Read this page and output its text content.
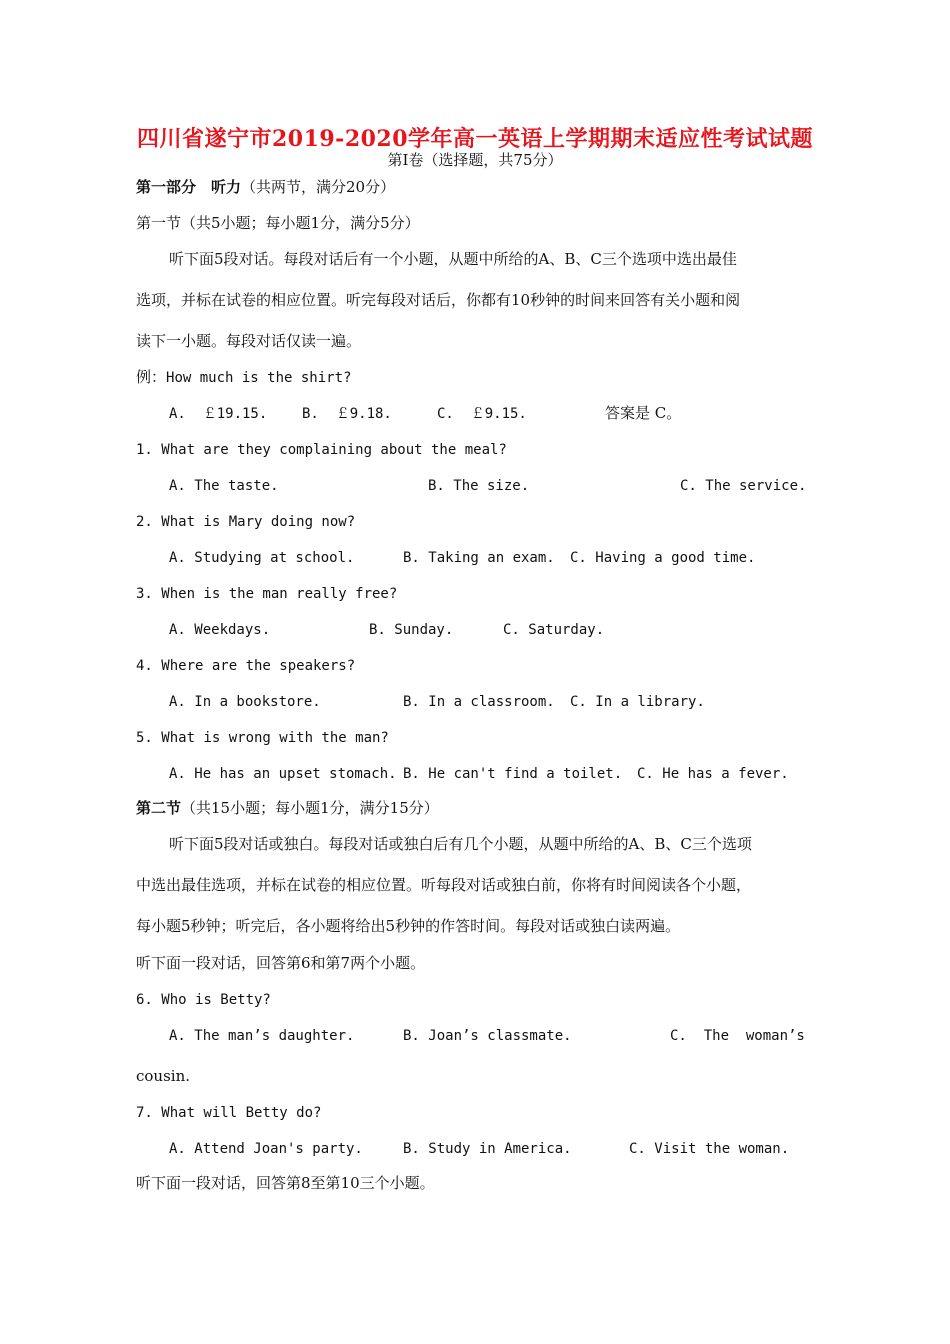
四川省遂宁市2019-2020学年高一英语上学期期末适应性考试试题
第Ⅰ卷（选择题，共75分）
第一部分　听力（共两节，满分20分）
第一节（共5小题；每小题1分，满分5分）
听下面5段对话。每段对话后有一个小题，从题中所给的A、B、C三个选项中选出最佳
选项，并标在试卷的相应位置。听完每段对话后，你都有10秒钟的时间来回答有关小题和阅
读下一小题。每段对话仅读一遍。
例：How much is the shirt?
A.  ￡19.15. B.  ￡9.18.	C.  ￡9.15.	答案是 C。
1. What are they complaining about the meal?
A. The taste.	B. The size.	C. The service.
2. What is Mary doing now?
A. Studying at school.	B. Taking an exam. C. Having a good time.
3. When is the man really free?
A. Weekdays.	B. Sunday.	C. Saturday.
4. Where are the speakers?
A. In a bookstore.	B. In a classroom. C. In a library.
5. What is wrong with the man?
A. He has an upset stomach. B. He can't find a toilet. C. He has a fever.
第二节（共15小题；每小题1分，满分15分）
听下面5段对话或独白。每段对话或独白后有几个小题，从题中所给的A、B、C三个选项
中选出最佳选项，并标在试卷的相应位置。听每段对话或独白前，你将有时间阅读各个小题，
每小题5秒钟；听完后，各小题将给出5秒钟的作答时间。每段对话或独白读两遍。
听下面一段对话，回答第6和第7两个小题。
6. Who is Betty?
A. The man’s daughter.	B. Joan’s classmate.	C.  The  woman’s
cousin.
7. What will Betty do?
A. Attend Joan's party.	B. Study in America.	C. Visit the woman.
听下面一段对话，回答第8至第10三个小题。
